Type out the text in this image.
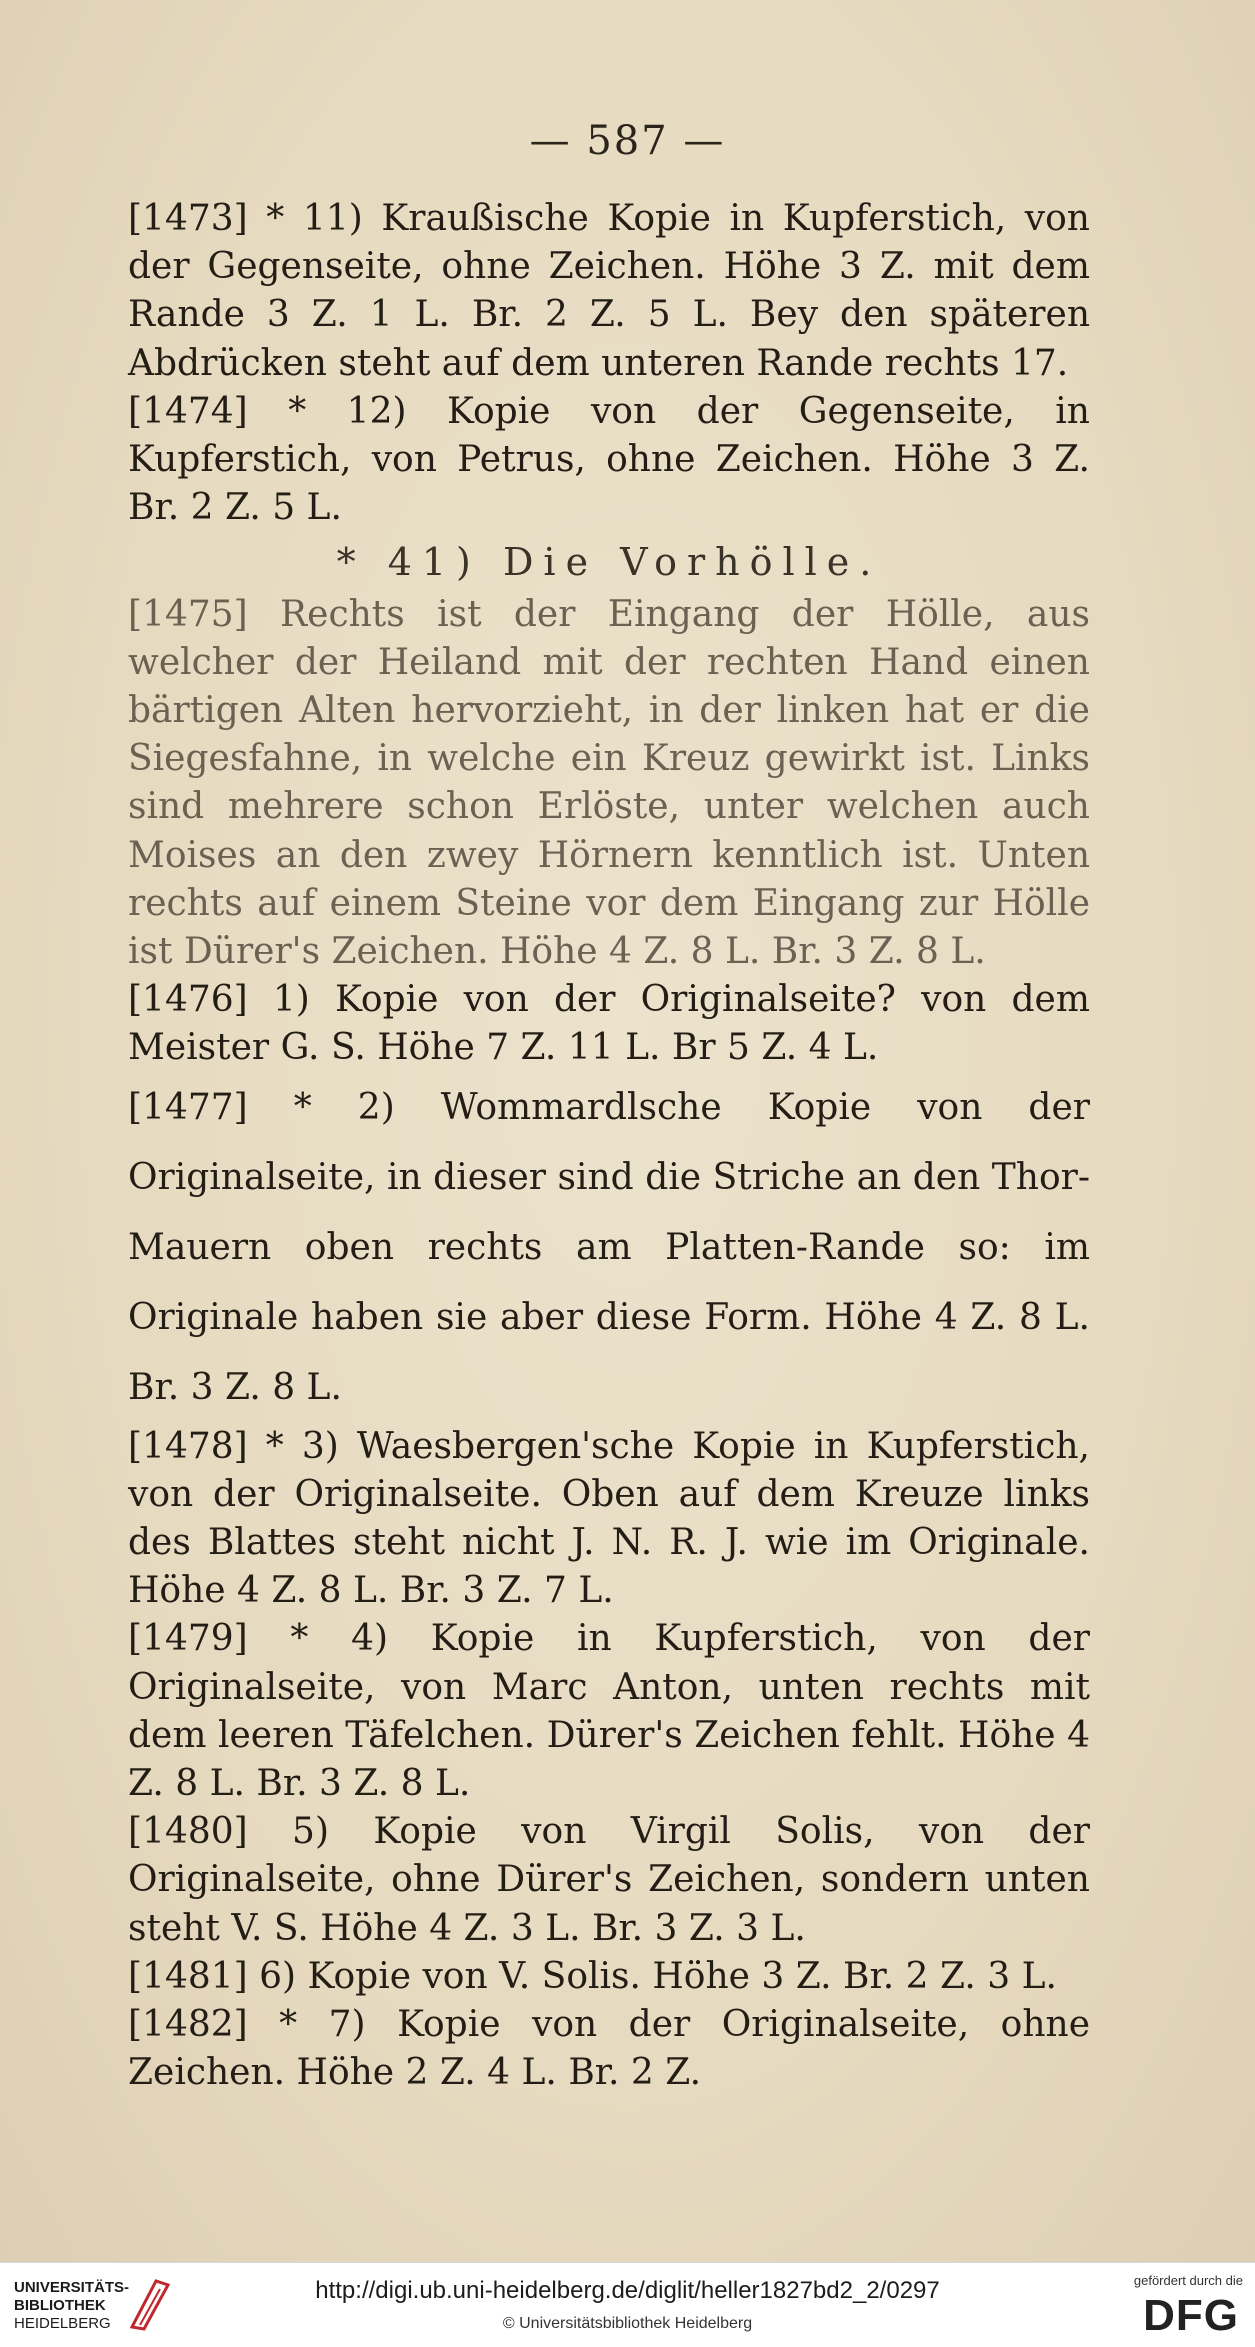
— 587 —

[1473] * 11) Kraußische Kopie in Kupferstich, von der Gegenseite, ohne Zeichen. Höhe 3 Z. mit dem Rande 3 Z. 1 L. Br. 2 Z. 5 L. Bey den späteren Abdrücken steht auf dem unteren Rande rechts 17.

[1474] * 12) Kopie von der Gegenseite, in Kupferstich, von Petrus, ohne Zeichen. Höhe 3 Z. Br. 2 Z. 5 L.

* 41) Die Vorhölle.

[1475] Rechts ist der Eingang der Hölle, aus welcher der Heiland mit der rechten Hand einen bärtigen Alten hervorzieht, in der linken hat er die Siegesfahne, in welche ein Kreuz gewirkt ist. Links sind mehrere schon Erlöste, unter welchen auch Moises an den zwey Hörnern kenntlich ist. Unten rechts auf einem Steine vor dem Eingang zur Hölle ist Dürer's Zeichen. Höhe 4 Z. 8 L. Br. 3 Z. 8 L.

[1476] 1) Kopie von der Originalseite? von dem Meister G. S. Höhe 7 Z. 11 L. Br 5 Z. 4 L.

[1477] * 2) Wommardlsche Kopie von der Originalseite, in dieser sind die Striche an den Thor-Mauern oben rechts am Platten-Rande so: im Originale haben sie aber diese Form. Höhe 4 Z. 8 L. Br. 3 Z. 8 L.

[1478] * 3) Waesbergen'sche Kopie in Kupferstich, von der Originalseite. Oben auf dem Kreuze links des Blattes steht nicht J. N. R. J. wie im Originale. Höhe 4 Z. 8 L. Br. 3 Z. 7 L.

[1479] * 4) Kopie in Kupferstich, von der Originalseite, von Marc Anton, unten rechts mit dem leeren Täfelchen. Dürer's Zeichen fehlt. Höhe 4 Z. 8 L. Br. 3 Z. 8 L.

[1480] 5) Kopie von Virgil Solis, von der Originalseite, ohne Dürer's Zeichen, sondern unten steht V. S. Höhe 4 Z. 3 L. Br. 3 Z. 3 L.

[1481] 6) Kopie von V. Solis. Höhe 3 Z. Br. 2 Z. 3 L.

[1482] * 7) Kopie von der Originalseite, ohne Zeichen. Höhe 2 Z. 4 L. Br. 2 Z.

UNIVERSITÄTS-
BIBLIOTHEK
HEIDELBERG
http://digi.ub.uni-heidelberg.de/diglit/heller1827bd2_2/0297
© Universitätsbibliothek Heidelberg
gefördert durch die
DFG
